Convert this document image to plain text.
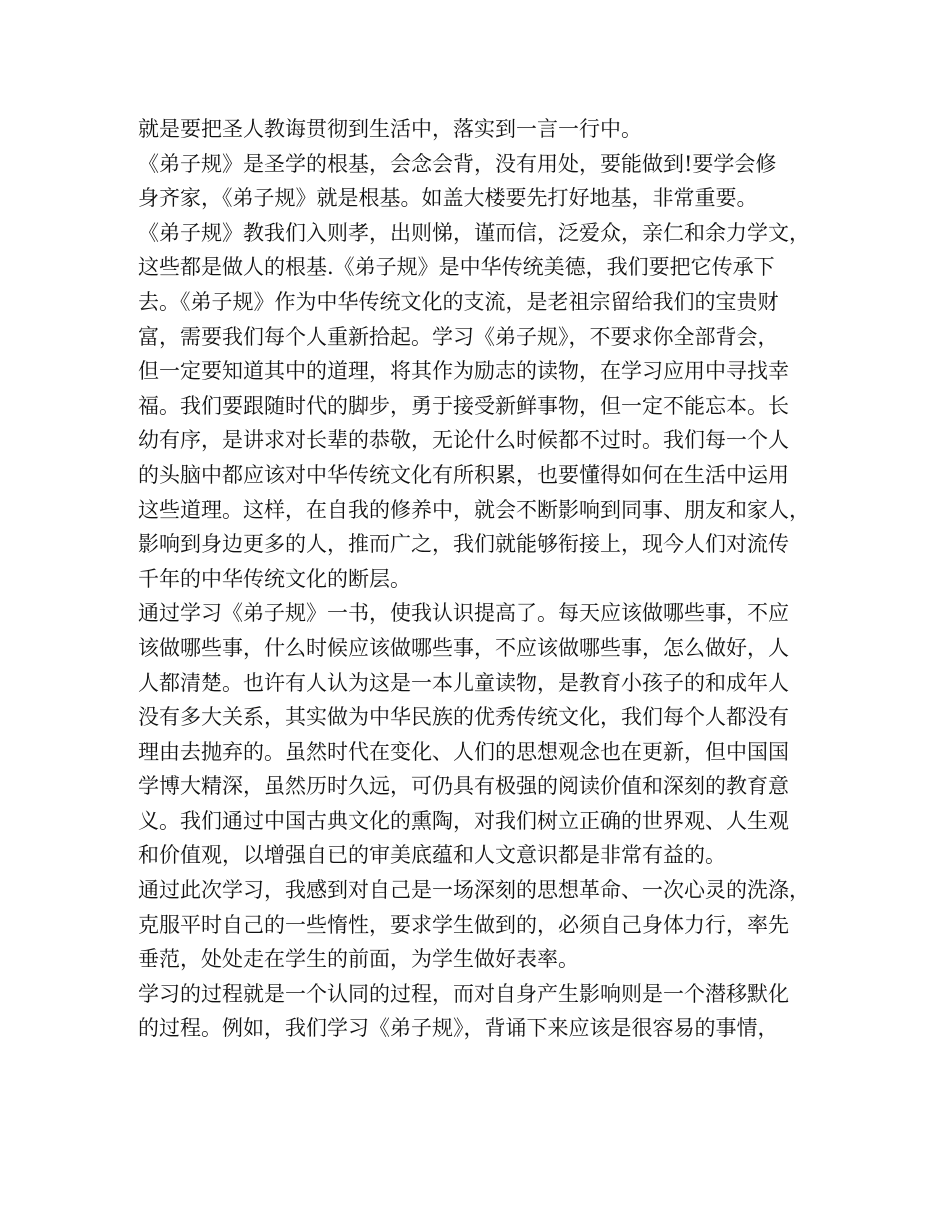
就是要把圣人教诲贯彻到生活中，落实到一言一行中。
《弟子规》是圣学的根基，会念会背，没有用处，要能做到!要学会修
身齐家，《弟子规》就是根基。如盖大楼要先打好地基，非常重要。
《弟子规》教我们入则孝，出则悌，谨而信，泛爱众，亲仁和余力学文，
这些都是做人的根基.《弟子规》是中华传统美德，我们要把它传承下
去。《弟子规》作为中华传统文化的支流，是老祖宗留给我们的宝贵财
富，需要我们每个人重新拾起。学习《弟子规》，不要求你全部背会，
但一定要知道其中的道理，将其作为励志的读物，在学习应用中寻找幸
福。我们要跟随时代的脚步，勇于接受新鲜事物，但一定不能忘本。长
幼有序，是讲求对长辈的恭敬，无论什么时候都不过时。我们每一个人
的头脑中都应该对中华传统文化有所积累，也要懂得如何在生活中运用
这些道理。这样，在自我的修养中，就会不断影响到同事、朋友和家人，
影响到身边更多的人，推而广之，我们就能够衔接上，现今人们对流传
千年的中华传统文化的断层。
通过学习《弟子规》一书，使我认识提高了。每天应该做哪些事，不应
该做哪些事，什么时候应该做哪些事，不应该做哪些事，怎么做好，人
人都清楚。也许有人认为这是一本儿童读物，是教育小孩子的和成年人
没有多大关系，其实做为中华民族的优秀传统文化，我们每个人都没有
理由去抛弃的。虽然时代在变化、人们的思想观念也在更新，但中国国
学博大精深，虽然历时久远，可仍具有极强的阅读价值和深刻的教育意
义。我们通过中国古典文化的熏陶，对我们树立正确的世界观、人生观
和价值观，以增强自已的审美底蕴和人文意识都是非常有益的。
通过此次学习，我感到对自己是一场深刻的思想革命、一次心灵的洗涤，
克服平时自己的一些惰性，要求学生做到的，必须自己身体力行，率先
垂范，处处走在学生的前面，为学生做好表率。
学习的过程就是一个认同的过程，而对自身产生影响则是一个潜移默化
的过程。例如，我们学习《弟子规》，背诵下来应该是很容易的事情，
